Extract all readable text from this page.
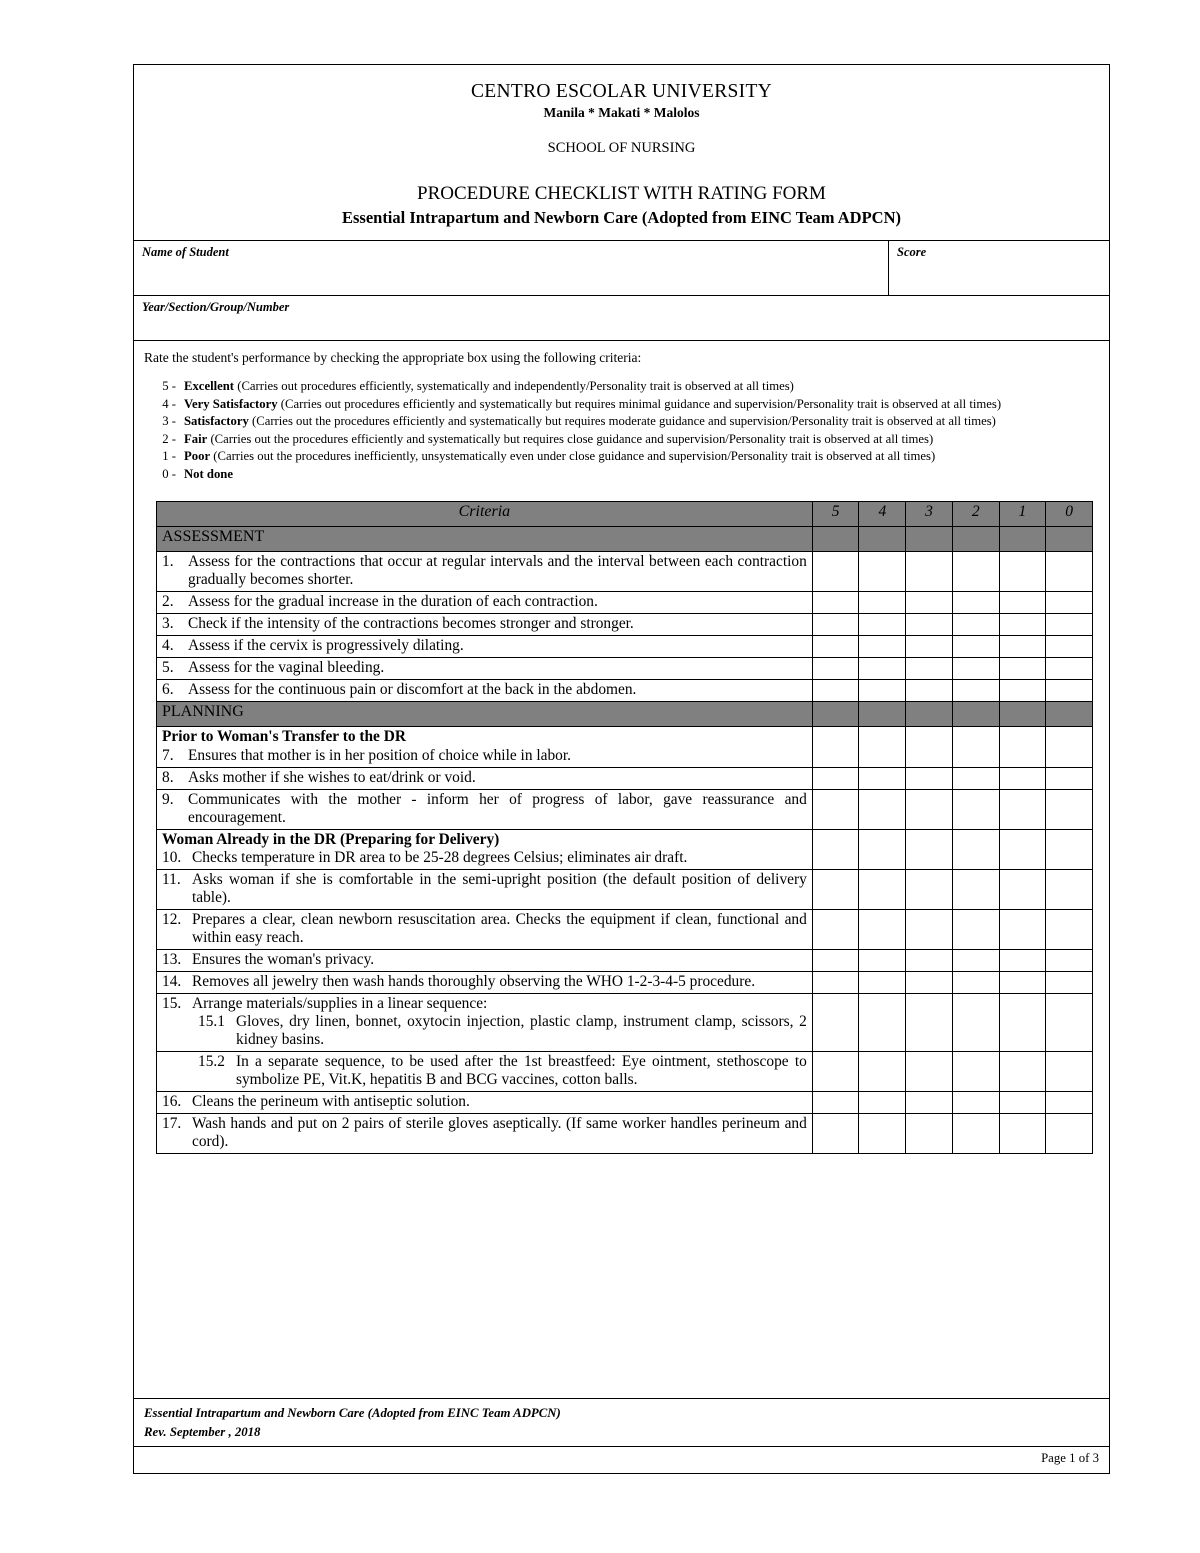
CENTRO ESCOLAR UNIVERSITY
Manila * Makati * Malolos
SCHOOL OF NURSING
PROCEDURE CHECKLIST WITH RATING FORM
Essential Intrapartum and Newborn Care (Adopted from EINC Team ADPCN)
Name of Student	Score
Year/Section/Group/Number
Rate the student's performance by checking the appropriate box using the following criteria:
5 - Excellent (Carries out procedures efficiently, systematically and independently/Personality trait is observed at all times)
4 - Very Satisfactory (Carries out procedures efficiently and systematically but requires minimal guidance and supervision/Personality trait is observed at all times)
3 - Satisfactory (Carries out the procedures efficiently and systematically but requires moderate guidance and supervision/Personality trait is observed at all times)
2 - Fair (Carries out the procedures efficiently and systematically but requires close guidance and supervision/Personality trait is observed at all times)
1 - Poor (Carries out the procedures inefficiently, unsystematically even under close guidance and supervision/Personality trait is observed at all times)
0 - Not done
Criteria	5	4	3	2	1	0
ASSESSMENT						

1. Assess for the contractions that occur at regular intervals and the interval between each contraction gradually becomes shorter.						

2. Assess for the gradual increase in the duration of each contraction.						

3. Check if the intensity of the contractions becomes stronger and stronger.						

4. Assess if the cervix is progressively dilating.						

5. Assess for the vaginal bleeding.						

6. Assess for the continuous pain or discomfort at the back in the abdomen.						

PLANNING						

Prior to Woman's Transfer to the DR
7. Ensures that mother is in her position of choice while in labor.						

8. Asks mother if she wishes to eat/drink or void.						

9. Communicates with the mother - inform her of progress of labor, gave reassurance and encouragement.						

Woman Already in the DR (Preparing for Delivery)
10. Checks temperature in DR area to be 25-28 degrees Celsius; eliminates air draft.						

11. Asks woman if she is comfortable in the semi-upright position (the default position of delivery table).						

12. Prepares a clear, clean newborn resuscitation area. Checks the equipment if clean, functional and within easy reach.						

13. Ensures the woman's privacy.						

14. Removes all jewelry then wash hands thoroughly observing the WHO 1-2-3-4-5 procedure.						

15. Arrange materials/supplies in a linear sequence:
15.1 Gloves, dry linen, bonnet, oxytocin injection, plastic clamp, instrument clamp, scissors, 2 kidney basins.						

15.2 In a separate sequence, to be used after the 1st breastfeed: Eye ointment, stethoscope to symbolize PE, Vit.K, hepatitis B and BCG vaccines, cotton balls.						

16. Cleans the perineum with antiseptic solution.						

17. Wash hands and put on 2 pairs of sterile gloves aseptically. (If same worker handles perineum and cord).						

Essential Intrapartum and Newborn Care (Adopted from EINC Team ADPCN)
Rev. September , 2018
Page 1 of 3
